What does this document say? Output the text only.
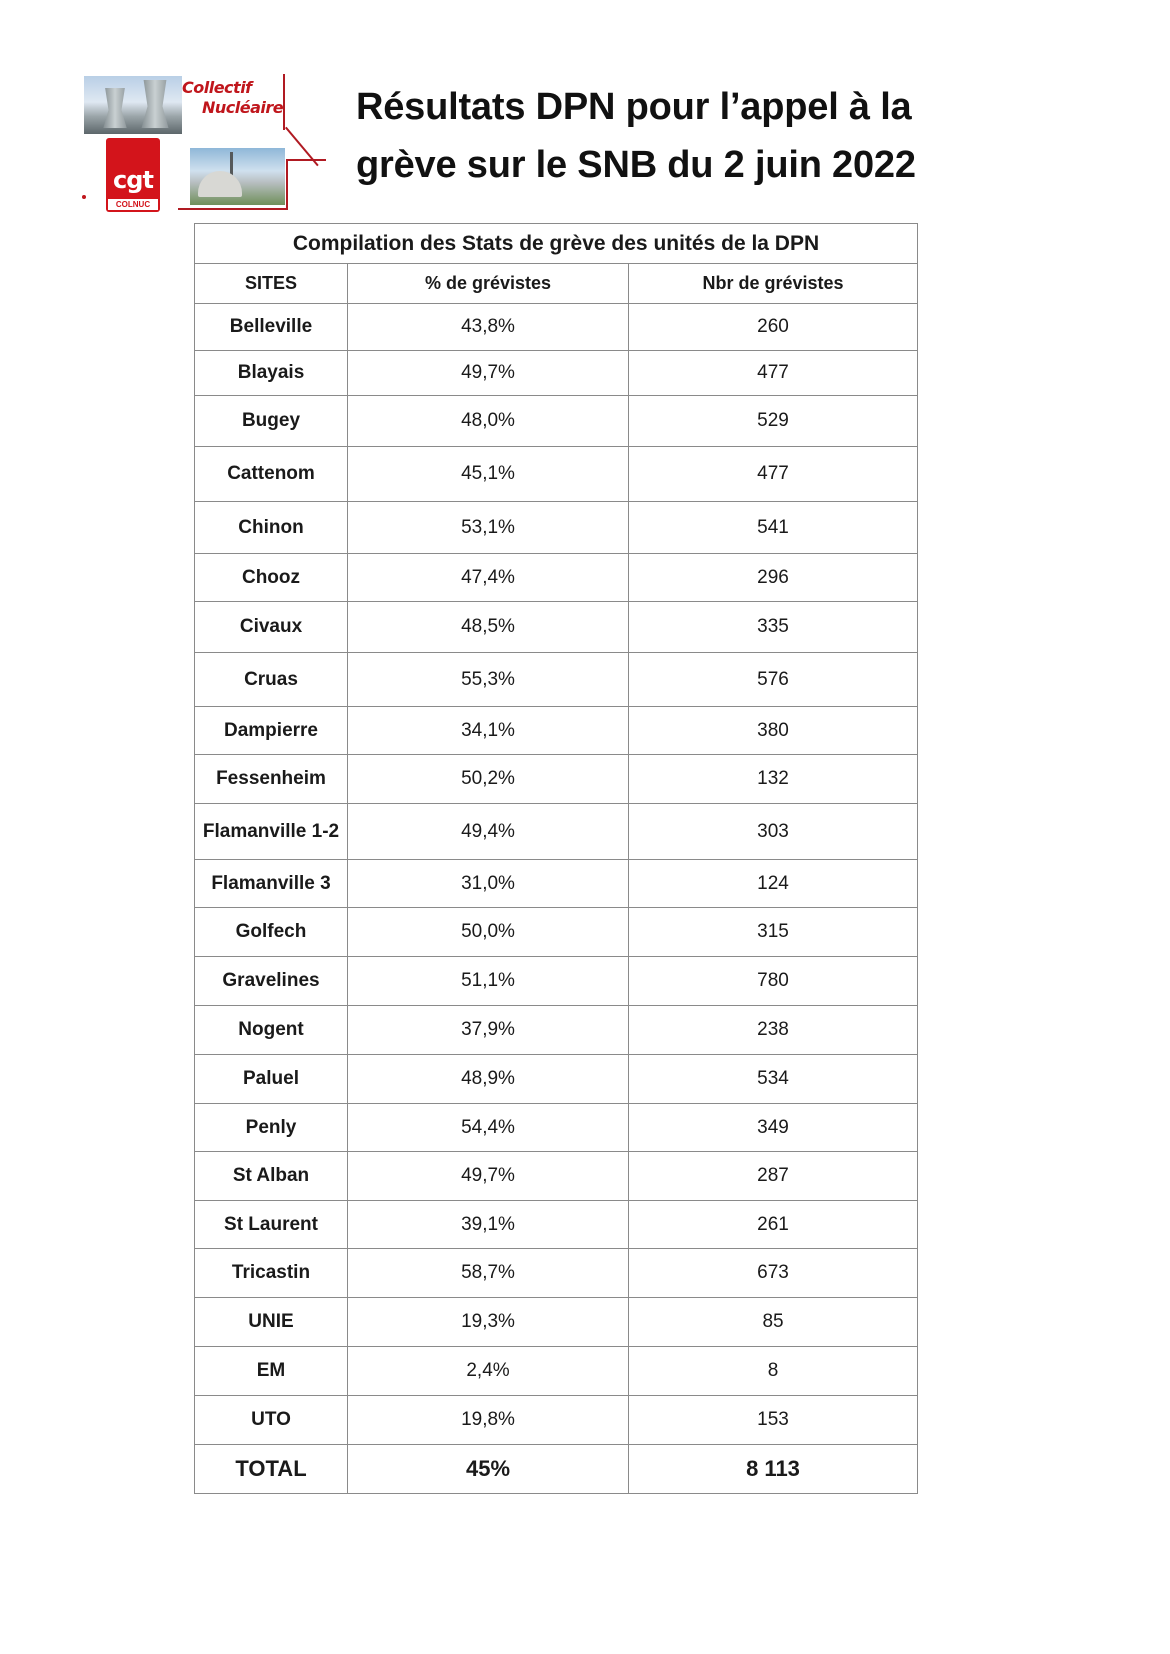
Collectif
Nucléaire
cgt
COLNUC
Résultats DPN pour l’appel à la
grève sur le SNB du 2 juin 2022
Compilation des Stats de grève des unités de la DPN		
SITES	% de grévistes	Nbr de grévistes
Belleville	43,8%	260
Blayais	49,7%	477
Bugey	48,0%	529
Cattenom	45,1%	477
Chinon	53,1%	541
Chooz	47,4%	296
Civaux	48,5%	335
Cruas	55,3%	576
Dampierre	34,1%	380
Fessenheim	50,2%	132
Flamanville 1-2	49,4%	303
Flamanville 3	31,0%	124
Golfech	50,0%	315
Gravelines	51,1%	780
Nogent	37,9%	238
Paluel	48,9%	534
Penly	54,4%	349
St Alban	49,7%	287
St Laurent	39,1%	261
Tricastin	58,7%	673
UNIE	19,3%	85
EM	2,4%	8
UTO	19,8%	153
TOTAL	45%	8 113
